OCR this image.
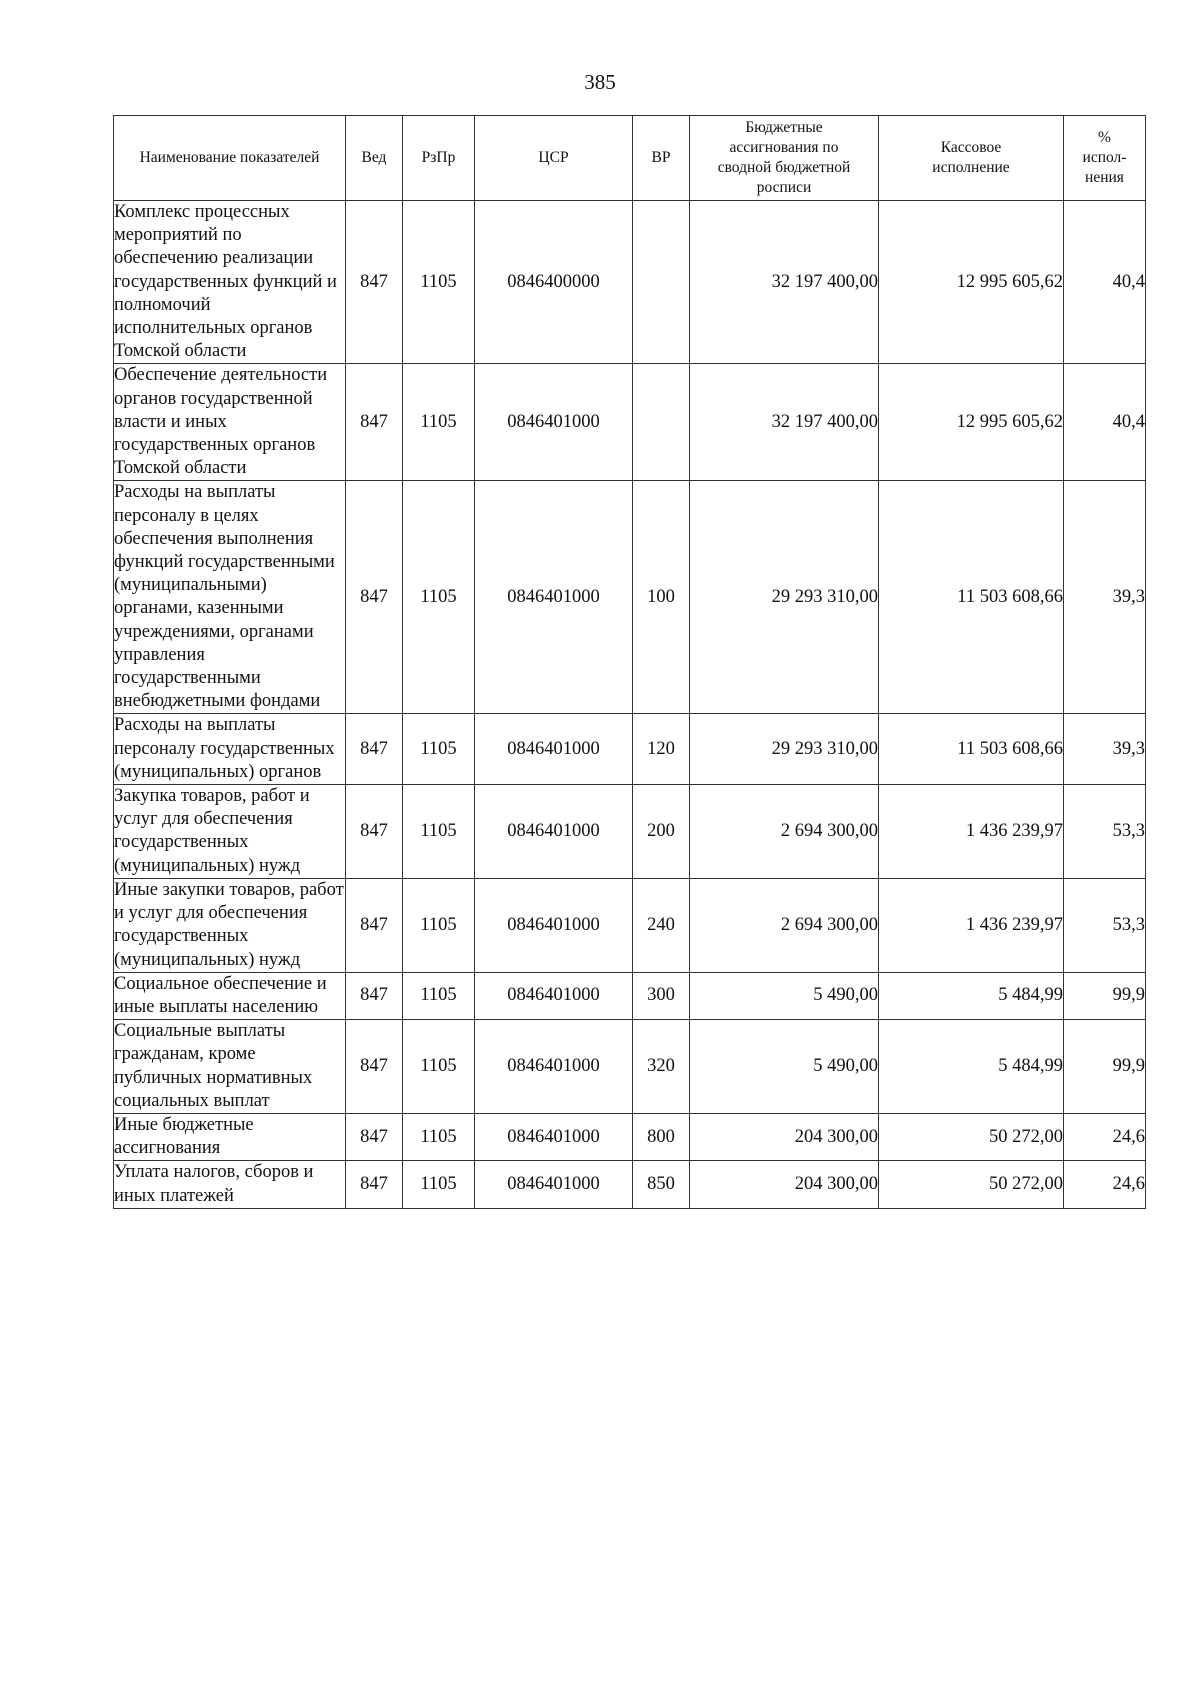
385
Наименование показателей	Вед	РзПр	ЦСР	ВР	Бюджетные ассигнования по сводной бюджетной росписи	Кассовое исполнение	% испол-нения
Комплекс процессных мероприятий по обеспечению реализации государственных функций и полномочий исполнительных органов Томской области	847	1105	0846400000		32 197 400,00	12 995 605,62	40,4
Обеспечение деятельности органов государственной власти и иных государственных органов Томской области	847	1105	0846401000		32 197 400,00	12 995 605,62	40,4
Расходы на выплаты персоналу в целях обеспечения выполнения функций государственными (муниципальными) органами, казенными учреждениями, органами управления государственными внебюджетными фондами	847	1105	0846401000	100	29 293 310,00	11 503 608,66	39,3
Расходы на выплаты персоналу государственных (муниципальных) органов	847	1105	0846401000	120	29 293 310,00	11 503 608,66	39,3
Закупка товаров, работ и услуг для обеспечения государственных (муниципальных) нужд	847	1105	0846401000	200	2 694 300,00	1 436 239,97	53,3
Иные закупки товаров, работ и услуг для обеспечения государственных (муниципальных) нужд	847	1105	0846401000	240	2 694 300,00	1 436 239,97	53,3
Социальное обеспечение и иные выплаты населению	847	1105	0846401000	300	5 490,00	5 484,99	99,9
Социальные выплаты гражданам, кроме публичных нормативных социальных выплат	847	1105	0846401000	320	5 490,00	5 484,99	99,9
Иные бюджетные ассигнования	847	1105	0846401000	800	204 300,00	50 272,00	24,6
Уплата налогов, сборов и иных платежей	847	1105	0846401000	850	204 300,00	50 272,00	24,6
